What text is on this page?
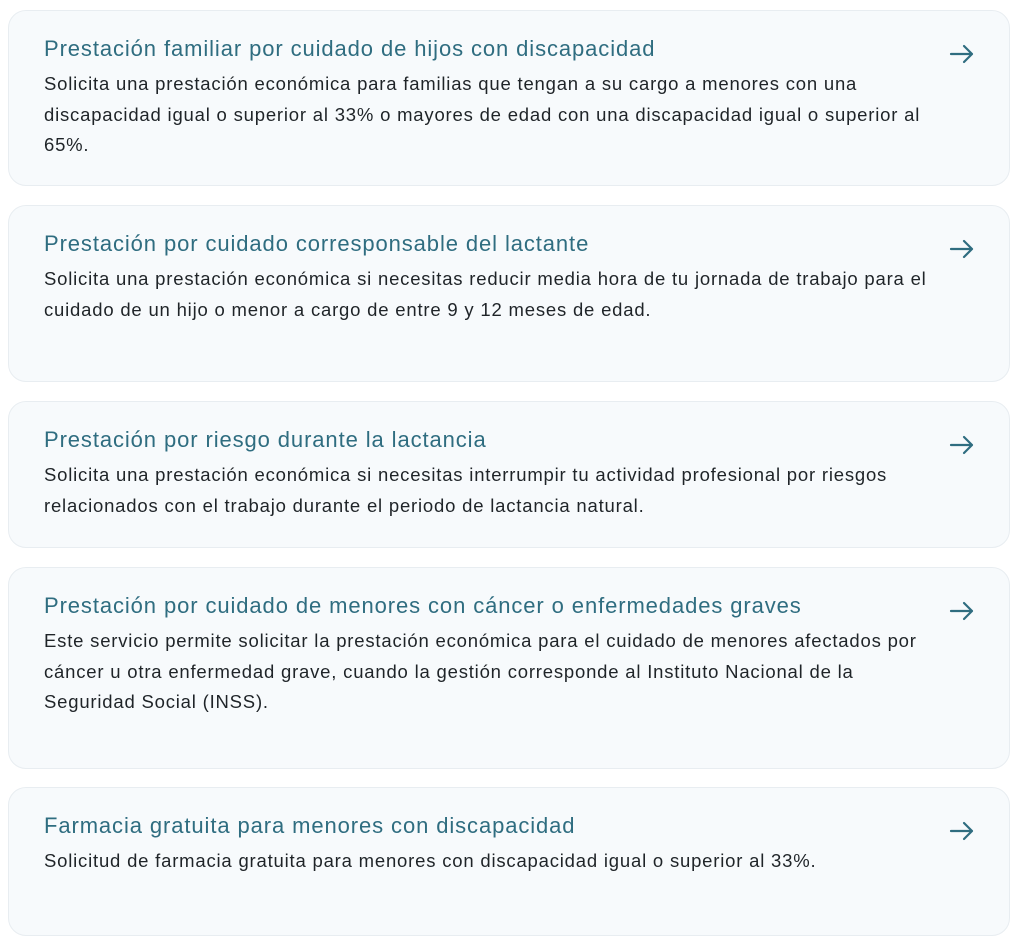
Prestación familiar por cuidado de hijos con discapacidad

Solicita una prestación económica para familias que tengan a su cargo a menores con una discapacidad igual o superior al 33% o mayores de edad con una discapacidad igual o superior al 65%.

Prestación por cuidado corresponsable del lactante

Solicita una prestación económica si necesitas reducir media hora de tu jornada de trabajo para el cuidado de un hijo o menor a cargo de entre 9 y 12 meses de edad.

Prestación por riesgo durante la lactancia

Solicita una prestación económica si necesitas interrumpir tu actividad profesional por riesgos relacionados con el trabajo durante el periodo de lactancia natural.

Prestación por cuidado de menores con cáncer o enfermedades graves

Este servicio permite solicitar la prestación económica para el cuidado de menores afectados por cáncer u otra enfermedad grave, cuando la gestión corresponde al Instituto Nacional de la Seguridad Social (INSS).

Farmacia gratuita para menores con discapacidad

Solicitud de farmacia gratuita para menores con discapacidad igual o superior al 33%.
